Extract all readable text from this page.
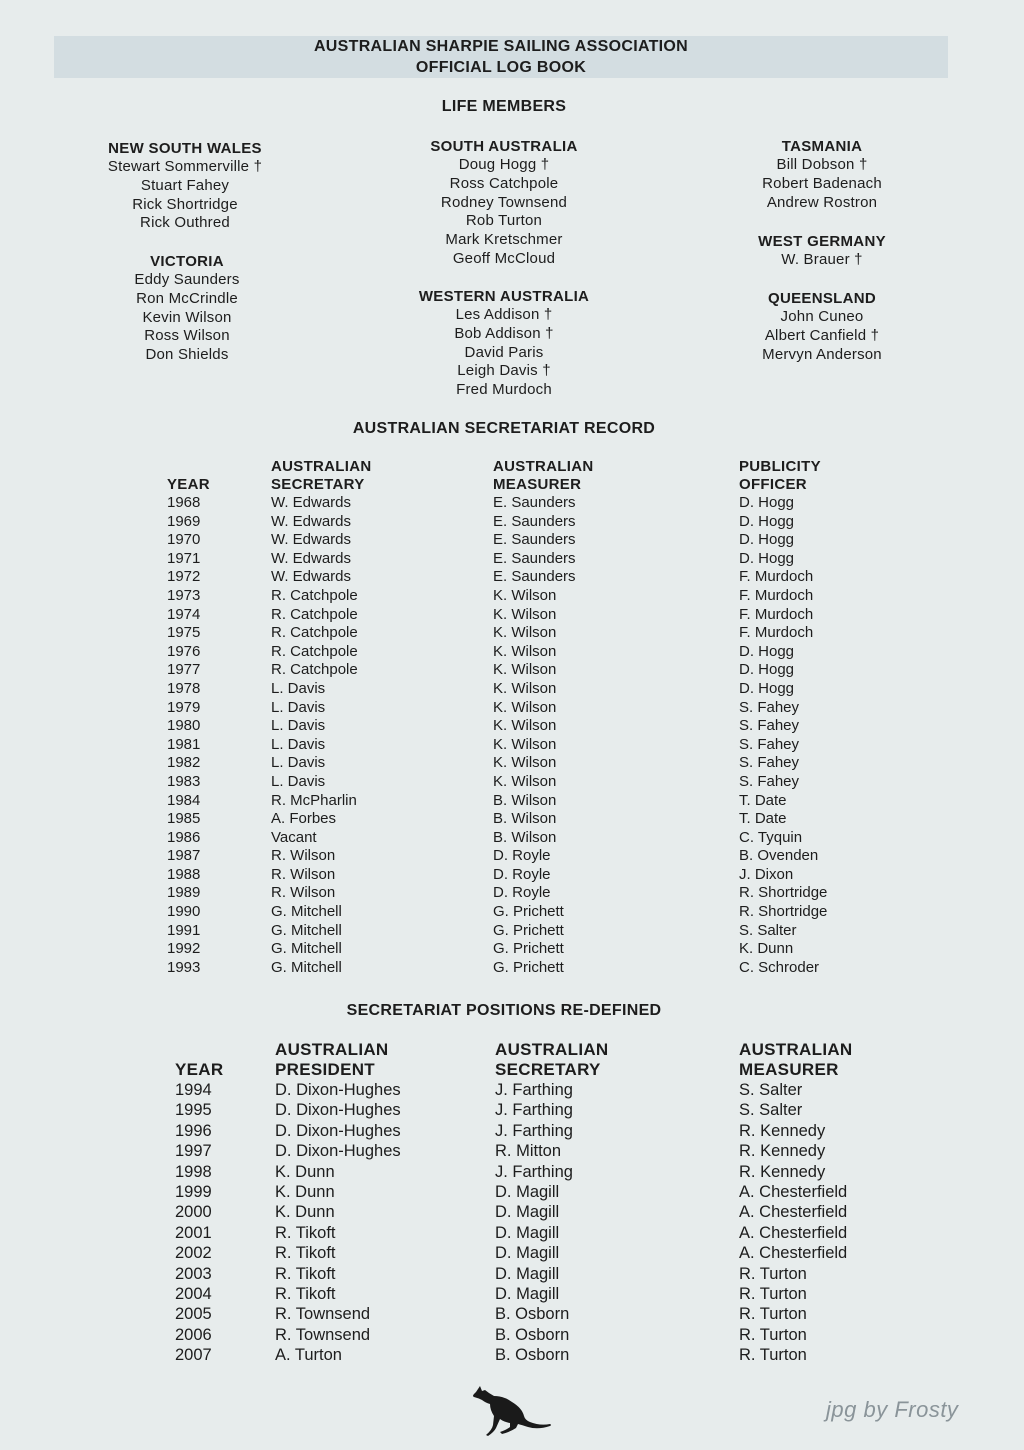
AUSTRALIAN SHARPIE SAILING ASSOCIATION
OFFICIAL LOG BOOK
LIFE MEMBERS
NEW SOUTH WALES
Stewart Sommerville †
Stuart Fahey
Rick Shortridge
Rick Outhred
VICTORIA
Eddy Saunders
Ron McCrindle
Kevin Wilson
Ross Wilson
Don Shields
SOUTH AUSTRALIA
Doug Hogg †
Ross Catchpole
Rodney Townsend
Rob Turton
Mark Kretschmer
Geoff McCloud
WESTERN AUSTRALIA
Les Addison †
Bob Addison †
David Paris
Leigh Davis †
Fred Murdoch
TASMANIA
Bill Dobson †
Robert Badenach
Andrew Rostron
WEST GERMANY
W. Brauer †
QUEENSLAND
John Cuneo
Albert Canfield †
Mervyn Anderson
AUSTRALIAN SECRETARIAT RECORD

YEAR
1968
1969
1970
1971
1972
1973
1974
1975
1976
1977
1978
1979
1980
1981
1982
1983
1984
1985
1986
1987
1988
1989
1990
1991
1992
1993
AUSTRALIAN
SECRETARY
W. Edwards
W. Edwards
W. Edwards
W. Edwards
W. Edwards
R. Catchpole
R. Catchpole
R. Catchpole
R. Catchpole
R. Catchpole
L. Davis
L. Davis
L. Davis
L. Davis
L. Davis
L. Davis
R. McPharlin
A. Forbes
Vacant
R. Wilson
R. Wilson
R. Wilson
G. Mitchell
G. Mitchell
G. Mitchell
G. Mitchell
AUSTRALIAN
MEASURER
E. Saunders
E. Saunders
E. Saunders
E. Saunders
E. Saunders
K. Wilson
K. Wilson
K. Wilson
K. Wilson
K. Wilson
K. Wilson
K. Wilson
K. Wilson
K. Wilson
K. Wilson
K. Wilson
B. Wilson
B. Wilson
B. Wilson
D. Royle
D. Royle
D. Royle
G. Prichett
G. Prichett
G. Prichett
G. Prichett
PUBLICITY
OFFICER
D. Hogg
D. Hogg
D. Hogg
D. Hogg
F. Murdoch
F. Murdoch
F. Murdoch
F. Murdoch
D. Hogg
D. Hogg
D. Hogg
S. Fahey
S. Fahey
S. Fahey
S. Fahey
S. Fahey
T. Date
T. Date
C. Tyquin
B. Ovenden
J. Dixon
R. Shortridge
R. Shortridge
S. Salter
K. Dunn
C. Schroder
SECRETARIAT POSITIONS RE-DEFINED

YEAR
1994
1995
1996
1997
1998
1999
2000
2001
2002
2003
2004
2005
2006
2007
AUSTRALIAN
PRESIDENT
D. Dixon-Hughes
D. Dixon-Hughes
D. Dixon-Hughes
D. Dixon-Hughes
K. Dunn
K. Dunn
K. Dunn
R. Tikoft
R. Tikoft
R. Tikoft
R. Tikoft
R. Townsend
R. Townsend
A. Turton
AUSTRALIAN
SECRETARY
J. Farthing
J. Farthing
J. Farthing
R. Mitton
J. Farthing
D. Magill
D. Magill
D. Magill
D. Magill
D. Magill
D. Magill
B. Osborn
B. Osborn
B. Osborn
AUSTRALIAN
MEASURER
S. Salter
S. Salter
R. Kennedy
R. Kennedy
R. Kennedy
A. Chesterfield
A. Chesterfield
A. Chesterfield
A. Chesterfield
R. Turton
R. Turton
R. Turton
R. Turton
R. Turton
jpg by Frosty
